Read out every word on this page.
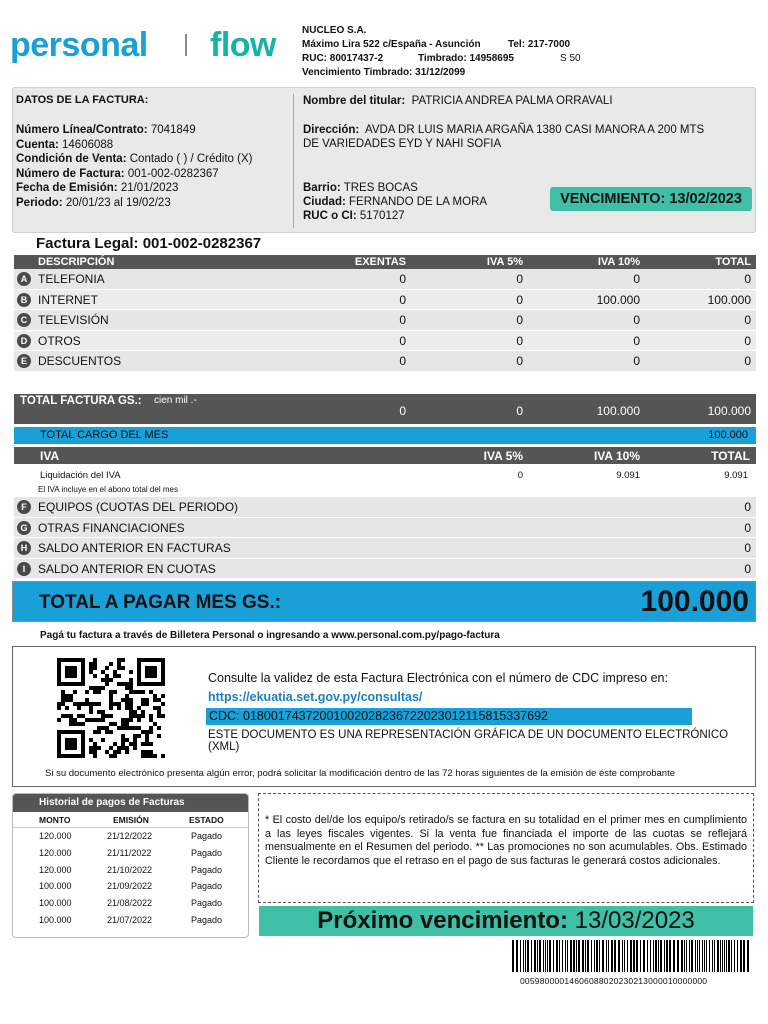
personal flow	NUCLEO S.A.
Máximo Lira 522 c/España - Asunción	Tel: 217-7000
RUC: 80017437-2	Timbrado: 14958695	S 50
Vencimiento Timbrado: 31/12/2099
DATOS DE LA FACTURA:
Número Línea/Contrato: 7041849
Cuenta: 14606088
Condición de Venta: Contado ( ) / Crédito (X)
Número de Factura: 001-002-0282367
Fecha de Emisión: 21/01/2023
Periodo: 20/01/23 al 19/02/23
Nombre del titular: PATRICIA ANDREA PALMA ORRAVALI
Dirección: AVDA DR LUIS MARIA ARGAÑA 1380 CASI MANORA A 200 MTS
DE VARIEDADES EYD Y NAHI SOFIA
Barrio: TRES BOCAS
Ciudad: FERNANDO DE LA MORA
RUC o CI: 5170127
VENCIMIENTO: 13/02/2023
Factura Legal: 001-002-0282367
DESCRIPCIÓN	EXENTAS	IVA 5%	IVA 10%	TOTAL
A TELEFONIA	0	0	0	0
B INTERNET	0	0	100.000	100.000
C TELEVISIÓN	0	0	0	0
D OTROS	0	0	0	0
E DESCUENTOS	0	0	0	0
TOTAL FACTURA GS.: cien mil .-
0	0	100.000	100.000
TOTAL CARGO DEL MES	100.000
IVA	IVA 5%	IVA 10%	TOTAL
Liquidación del IVA	0	9.091	9.091
El IVA incluye en el abono total del mes
F EQUIPOS (CUOTAS DEL PERIODO)	0
G OTRAS FINANCIACIONES	0
H SALDO ANTERIOR EN FACTURAS	0
I	SALDO ANTERIOR EN CUOTAS	0
TOTAL A PAGAR MES GS.:	100.000
Pagá tu factura a través de Billetera Personal o ingresando a www.personal.com.py/pago-factura
Consulte la validez de esta Factura Electrónica con el número de CDC impreso en:
https://ekuatia.set.gov.py/consultas/
CDC: 01800174372001002028236722023012115815337692
ESTE DOCUMENTO ES UNA REPRESENTACIÓN GRÁFICA DE UN DOCUMENTO ELECTRÓNICO (XML)
Si su documento electrónico presenta algún error, podrá solicitar la modificación dentro de las 72 horas siguientes de la emisión de éste comprobante
Historial de pagos de Facturas
MONTO	EMISIÓN	ESTADO
120.000	21/12/2022	Pagado
120.000	21/11/2022	Pagado
120.000	21/10/2022	Pagado
100.000	21/09/2022	Pagado
100.000	21/08/2022	Pagado
100.000	21/07/2022	Pagado
* El costo del/de los equipo/s retirado/s se factura en su totalidad en el primer mes en cumplimiento a las leyes fiscales vigentes. Si la venta fue financiada el importe de las cuotas se reflejará mensualmente en el Resumen del periodo. ** Las promociones no son acumulables. Obs. Estimado Cliente le recordamos que el retraso en el pago de sus facturas le generará costos adicionales.
Próximo vencimiento: 13/03/2023
00598000014606088020230213000010000000
